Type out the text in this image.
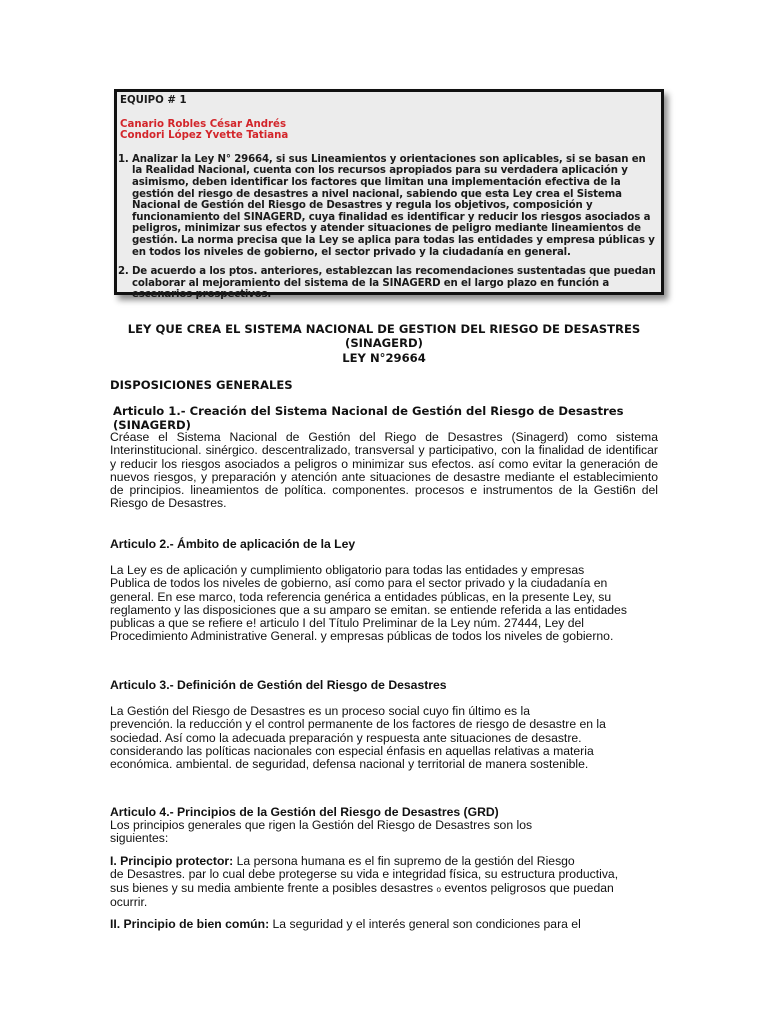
EQUIPO # 1
Canario Robles César Andrés
Condori López Yvette Tatiana
1. Analizar la Ley N° 29664, si sus Lineamientos y orientaciones son aplicables, si se basan en la Realidad Nacional, cuenta con los recursos apropiados para su verdadera aplicación y asimismo, deben identificar los factores que limitan una implementación efectiva de la gestión del riesgo de desastres a nivel nacional, sabiendo que esta Ley crea el Sistema Nacional de Gestión del Riesgo de Desastres y regula los objetivos, composición y funcionamiento del SINAGERD, cuya finalidad es identificar y reducir los riesgos asociados a peligros, minimizar sus efectos y atender situaciones de peligro mediante lineamientos de gestión. La norma precisa que la Ley se aplica para todas las entidades y empresa públicas y en todos los niveles de gobierno, el sector privado y la ciudadanía en general.
2. De acuerdo a los ptos. anteriores, establezcan las recomendaciones sustentadas que puedan colaborar al mejoramiento del sistema de la SINAGERD en el largo plazo en función a escenarios prospectivos.
LEY QUE CREA EL SISTEMA NACIONAL DE GESTION DEL RIESGO DE DESASTRES (SINAGERD)
LEY N°29664
DISPOSICIONES GENERALES
Articulo 1.- Creación del Sistema Nacional de Gestión del Riesgo de Desastres (SINAGERD)
Créase el Sistema Nacional de Gestión del Riego de Desastres (Sinagerd) como sistema Interinstitucional. sinérgico. descentralizado, transversal y participativo, con la finalidad de identificar y reducir los riesgos asociados a peligros o minimizar sus efectos. así como evitar la generación de nuevos riesgos, y preparación y atención ante situaciones de desastre mediante el establecimiento de principios. lineamientos de política. componentes. procesos e instrumentos de la Gesti6n del Riesgo de Desastres.
Articulo 2.- Ámbito de aplicación de la Ley
La Ley es de aplicación y cumplimiento obligatorio para todas las entidades y empresas
Publica de todos los niveles de gobierno, así como para el sector privado y la ciudadanía en
general. En ese marco, toda referencia genérica a entidades públicas, en la presente Ley, su
reglamento y las disposiciones que a su amparo se emitan. se entiende referida a las entidades
publicas a que se refiere e! articulo I del Título Preliminar de la Ley núm. 27444, Ley del
Procedimiento Administrative General. y empresas públicas de todos los niveles de gobierno.
Articulo 3.- Definición de Gestión del Riesgo de Desastres
La Gestión del Riesgo de Desastres es un proceso social cuyo fin último es la
prevención. la reducción y el control permanente de los factores de riesgo de desastre en la
sociedad. Así como la adecuada preparación y respuesta ante situaciones de desastre.
considerando las políticas nacionales con especial énfasis en aquellas relativas a materia
económica. ambiental. de seguridad, defensa nacional y territorial de manera sostenible.
Articulo 4.- Principios de la Gestión del Riesgo de Desastres (GRD)
Los principios generales que rigen la Gestión del Riesgo de Desastres son los
siguientes:
I. Principio protector: La persona humana es el fin supremo de la gestión del Riesgo
de Desastres. par lo cual debe protegerse su vida e integridad física, su estructura productiva,
sus bienes y su media ambiente frente a posibles desastres o eventos peligrosos que puedan
ocurrir.
II. Principio de bien común: La seguridad y el interés general son condiciones para el
